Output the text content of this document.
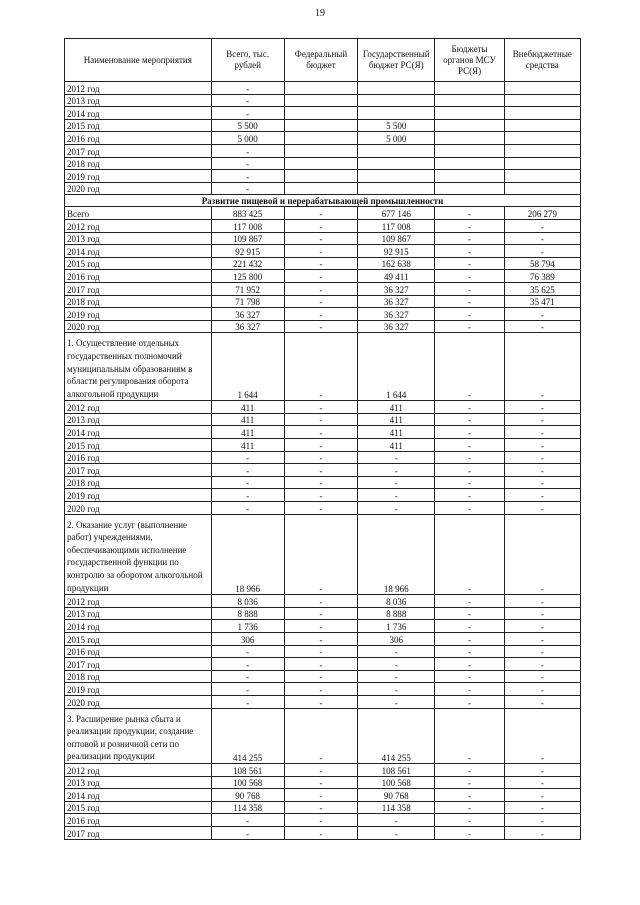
19
Наименование мероприятия	Всего, тыс. рублей	Федеральный бюджет	Государственный бюджет РС(Я)	Бюджеты органов МСУ РС(Я)	Внебюджетные средства
2012 год	-				
2013 год	-				
2014 год	-				
2015 год	5 500		5 500		
2016 год	5 000		5 000		
2017 год	-				
2018 год	-				
2019 год	-				
2020 год	-				
Развитие пищевой и перерабатывающей промышленности					
Всего	883 425	-	677 146	-	206 279
2012 год	117 008	-	117 008	-	-
2013 год	109 867	-	109 867	-	-
2014 год	92 915	-	92 915	-	-
2015 год	221 432	-	162 638	-	58 794
2016 год	125 800	-	49 411	-	76 389
2017 год	71 952	-	36 327	-	35 625
2018 год	71 798	-	36 327	-	35 471
2019 год	36 327	-	36 327	-	-
2020 год	36 327	-	36 327	-	-
1. Осуществление отдельных государственных полномочий муниципальным образованиям в области регулирования оборота алкогольной продукции	1 644	-	1 644	-	-
2012 год	411	-	411	-	-
2013 год	411	-	411	-	-
2014 год	411	-	411	-	-
2015 год	411	-	411	-	-
2016 год	-	-	-	-	-
2017 год	-	-	-	-	-
2018 год	-	-	-	-	-
2019 год	-	-	-	-	-
2020 год	-	-	-	-	-
2. Оказание услуг (выполнение работ) учреждениями, обеспечивающими исполнение государственной функции по контролю за оборотом алкогольной продукции	18 966	-	18 966	-	-
2012 год	8 036	-	8 036	-	-
2013 год	8 888	-	8 888	-	-
2014 год	1 736	-	1 736	-	-
2015 год	306	-	306	-	-
2016 год	-	-	-	-	-
2017 год	-	-	-	-	-
2018 год	-	-	-	-	-
2019 год	-	-	-	-	-
2020 год	-	-	-	-	-
3. Расширение рынка сбыта и реализации продукции, создание оптовой и розничной сети по реализации продукции	414 255	-	414 255	-	-
2012 год	108 561	-	108 561	-	-
2013 год	100 568	-	100 568	-	-
2014 год	90 768	-	90 768	-	-
2015 год	114 358	-	114 358	-	-
2016 год	-	-	-	-	-
2017 год	-	-	-	-	-
